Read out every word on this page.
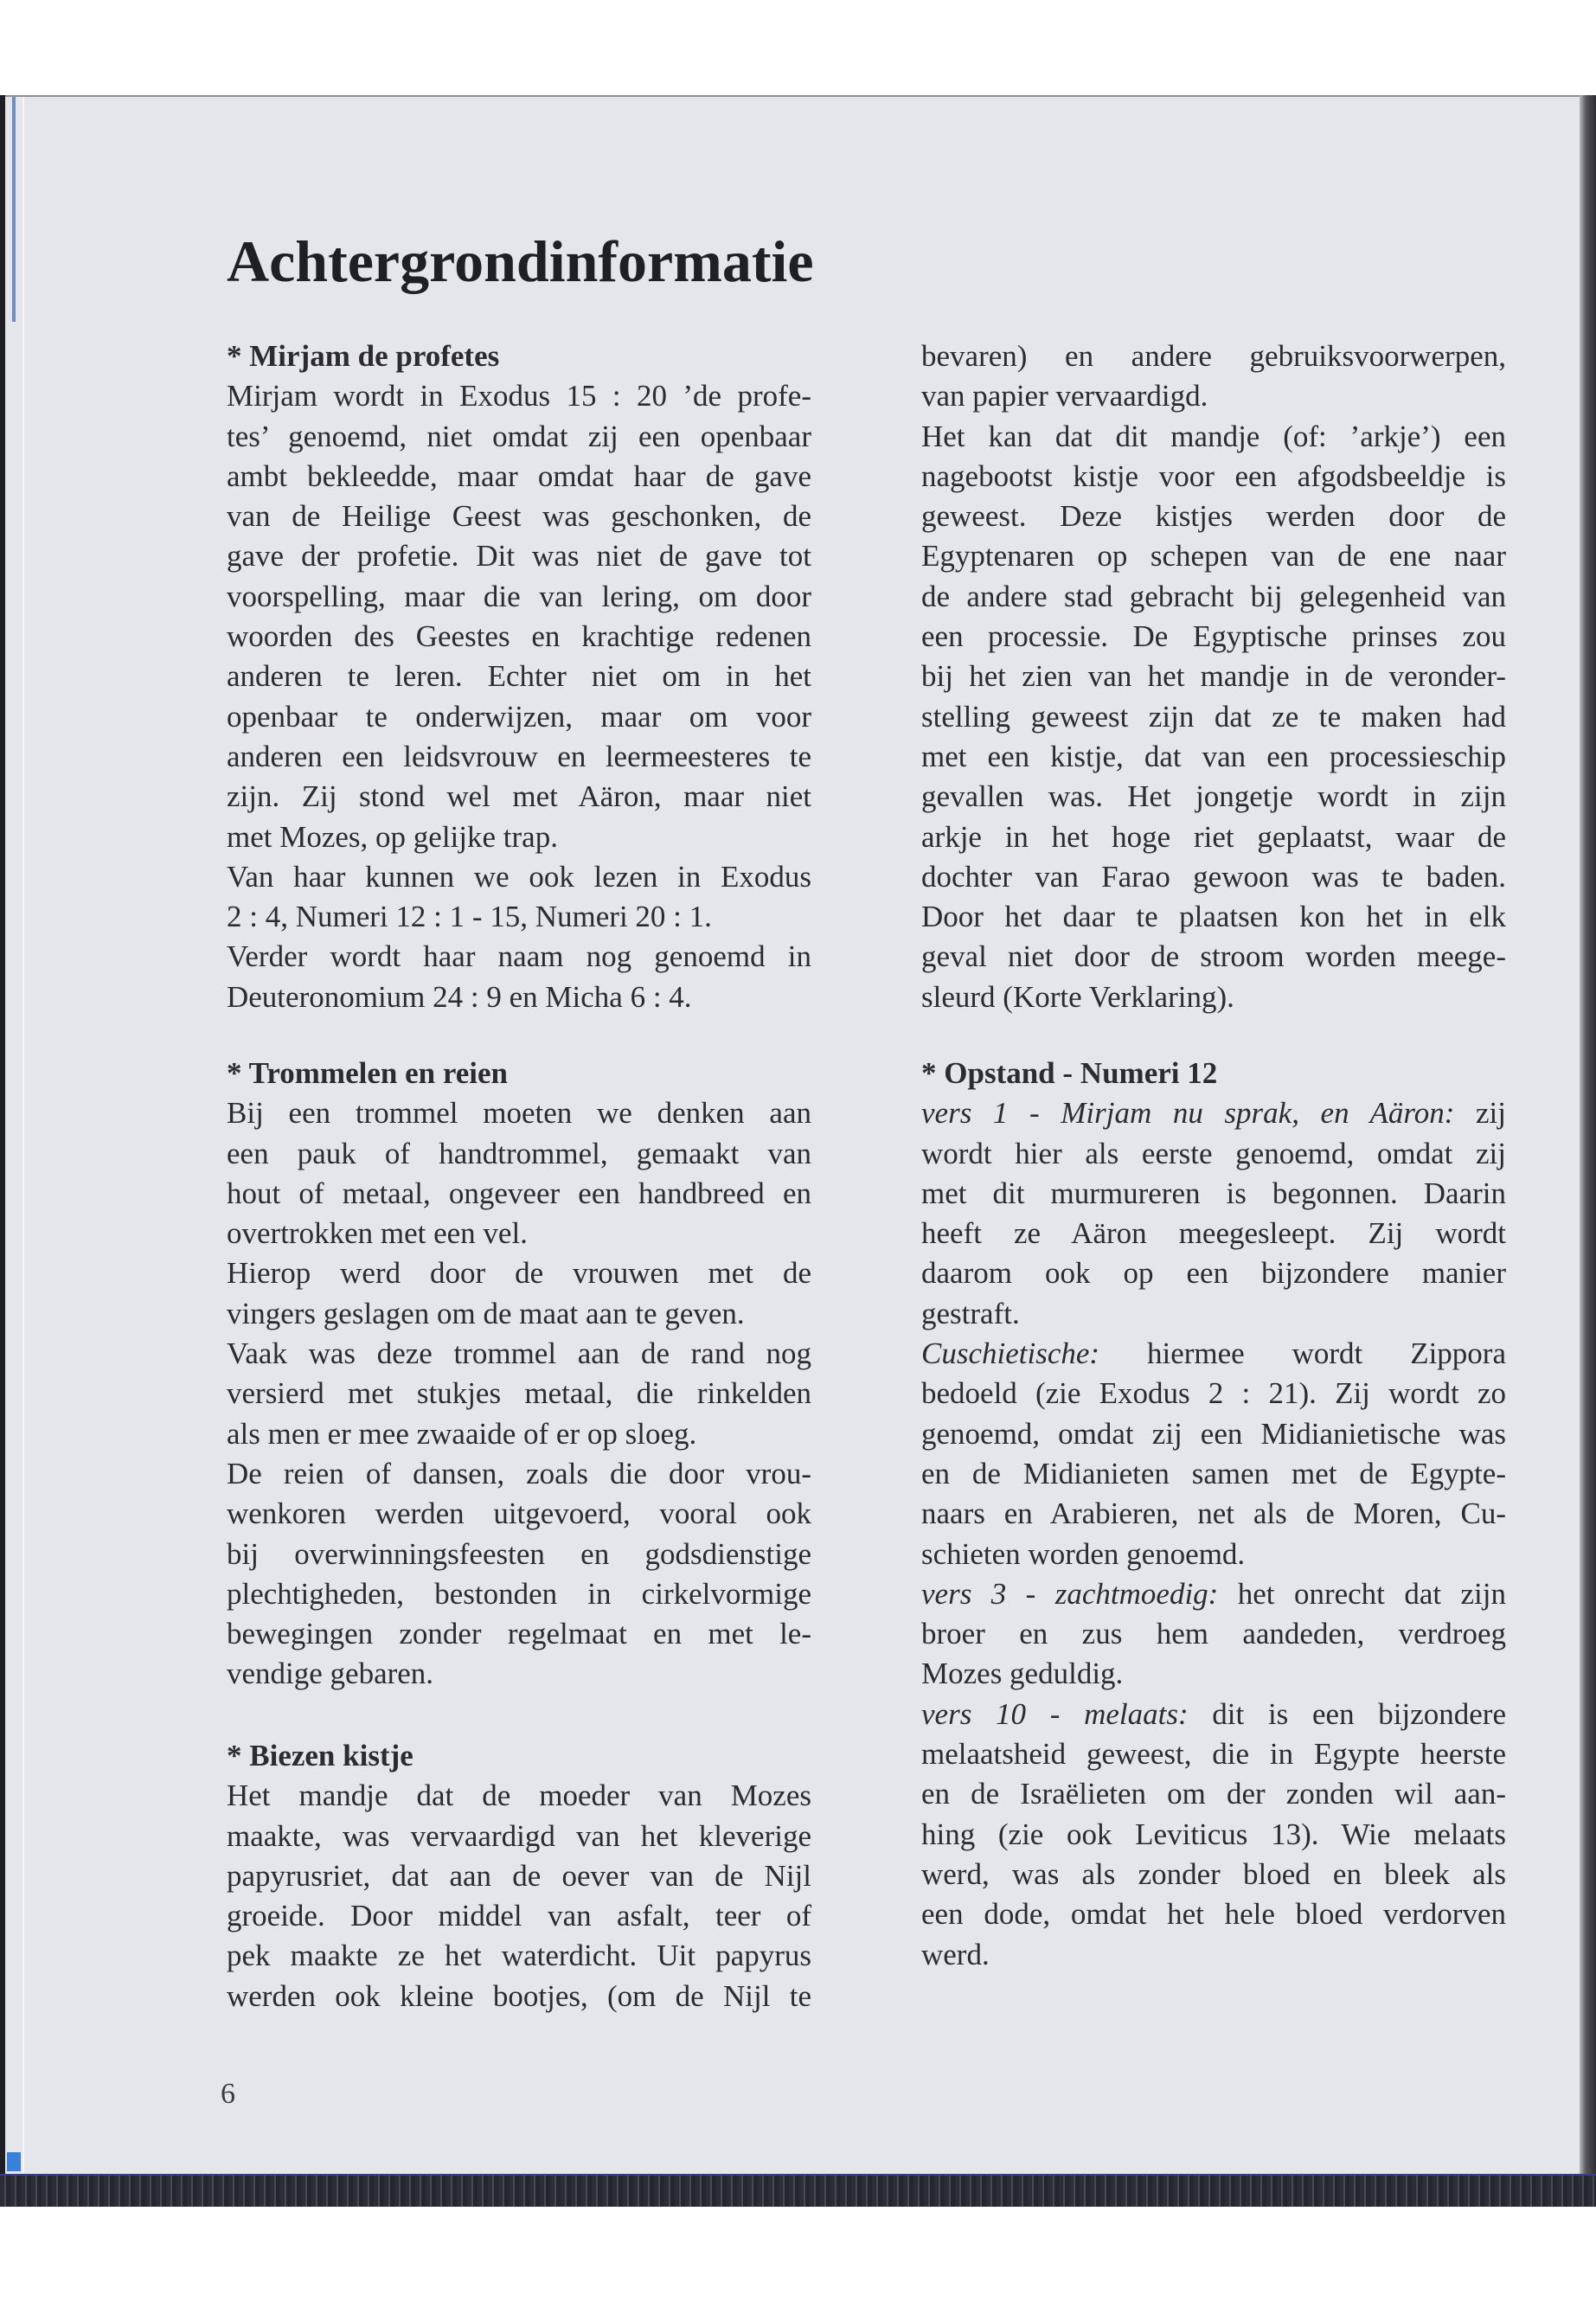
Achtergrondinformatie
* Mirjam de profetes
Mirjam wordt in Exodus 15 : 20 ’de profe-
tes’ genoemd, niet omdat zij een openbaar
ambt bekleedde, maar omdat haar de gave
van de Heilige Geest was geschonken, de
gave der profetie. Dit was niet de gave tot
voorspelling, maar die van lering, om door
woorden des Geestes en krachtige redenen
anderen te leren. Echter niet om in het
openbaar te onderwijzen, maar om voor
anderen een leidsvrouw en leermeesteres te
zijn. Zij stond wel met Aäron, maar niet
met Mozes, op gelijke trap.
Van haar kunnen we ook lezen in Exodus
2 : 4, Numeri 12 : 1 - 15, Numeri 20 : 1.
Verder wordt haar naam nog genoemd in
Deuteronomium 24 : 9 en Micha 6 : 4.
* Trommelen en reien
Bij een trommel moeten we denken aan
een pauk of handtrommel, gemaakt van
hout of metaal, ongeveer een handbreed en
overtrokken met een vel.
Hierop werd door de vrouwen met de
vingers geslagen om de maat aan te geven.
Vaak was deze trommel aan de rand nog
versierd met stukjes metaal, die rinkelden
als men er mee zwaaide of er op sloeg.
De reien of dansen, zoals die door vrou-
wenkoren werden uitgevoerd, vooral ook
bij overwinningsfeesten en godsdienstige
plechtigheden, bestonden in cirkelvormige
bewegingen zonder regelmaat en met le-
vendige gebaren.
* Biezen kistje
Het mandje dat de moeder van Mozes
maakte, was vervaardigd van het kleverige
papyrusriet, dat aan de oever van de Nijl
groeide. Door middel van asfalt, teer of
pek maakte ze het waterdicht. Uit papyrus
werden ook kleine bootjes, (om de Nijl te
bevaren) en andere gebruiksvoorwerpen,
van papier vervaardigd.
Het kan dat dit mandje (of: ’arkje’) een
nagebootst kistje voor een afgodsbeeldje is
geweest. Deze kistjes werden door de
Egyptenaren op schepen van de ene naar
de andere stad gebracht bij gelegenheid van
een processie. De Egyptische prinses zou
bij het zien van het mandje in de veronder-
stelling geweest zijn dat ze te maken had
met een kistje, dat van een processieschip
gevallen was. Het jongetje wordt in zijn
arkje in het hoge riet geplaatst, waar de
dochter van Farao gewoon was te baden.
Door het daar te plaatsen kon het in elk
geval niet door de stroom worden meege-
sleurd (Korte Verklaring).
* Opstand - Numeri 12
vers 1 - Mirjam nu sprak, en Aäron: zij
wordt hier als eerste genoemd, omdat zij
met dit murmureren is begonnen. Daarin
heeft ze Aäron meegesleept. Zij wordt
daarom ook op een bijzondere manier
gestraft.
Cuschietische: hiermee wordt Zippora
bedoeld (zie Exodus 2 : 21). Zij wordt zo
genoemd, omdat zij een Midianietische was
en de Midianieten samen met de Egypte-
naars en Arabieren, net als de Moren, Cu-
schieten worden genoemd.
vers 3 - zachtmoedig: het onrecht dat zijn
broer en zus hem aandeden, verdroeg
Mozes geduldig.
vers 10 - melaats: dit is een bijzondere
melaatsheid geweest, die in Egypte heerste
en de Israëlieten om der zonden wil aan-
hing (zie ook Leviticus 13). Wie melaats
werd, was als zonder bloed en bleek als
een dode, omdat het hele bloed verdorven
werd.
6
